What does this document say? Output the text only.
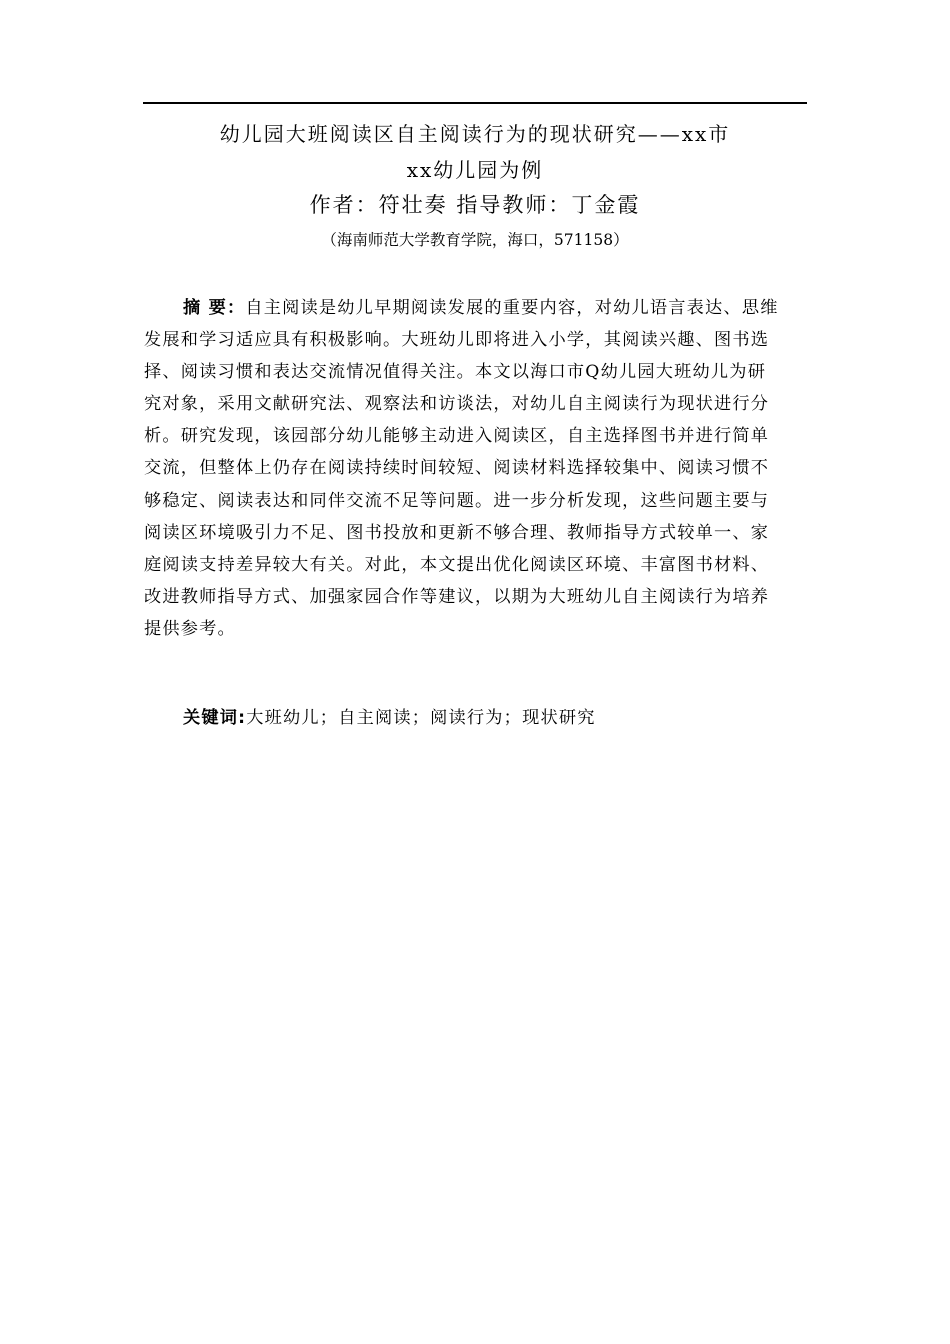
幼儿园大班阅读区自主阅读行为的现状研究——xx市
xx幼儿园为例
作者：符壮奏 指导教师：丁金霞
（海南师范大学教育学院，海口，571158）
摘 要：自主阅读是幼儿早期阅读发展的重要内容，对幼儿语言表达、思维
发展和学习适应具有积极影响。大班幼儿即将进入小学，其阅读兴趣、图书选
择、阅读习惯和表达交流情况值得关注。本文以海口市Q幼儿园大班幼儿为研
究对象，采用文献研究法、观察法和访谈法，对幼儿自主阅读行为现状进行分
析。研究发现，该园部分幼儿能够主动进入阅读区，自主选择图书并进行简单
交流，但整体上仍存在阅读持续时间较短、阅读材料选择较集中、阅读习惯不
够稳定、阅读表达和同伴交流不足等问题。进一步分析发现，这些问题主要与
阅读区环境吸引力不足、图书投放和更新不够合理、教师指导方式较单一、家
庭阅读支持差异较大有关。对此，本文提出优化阅读区环境、丰富图书材料、
改进教师指导方式、加强家园合作等建议，以期为大班幼儿自主阅读行为培养
提供参考。
关键词:大班幼儿；自主阅读；阅读行为；现状研究
